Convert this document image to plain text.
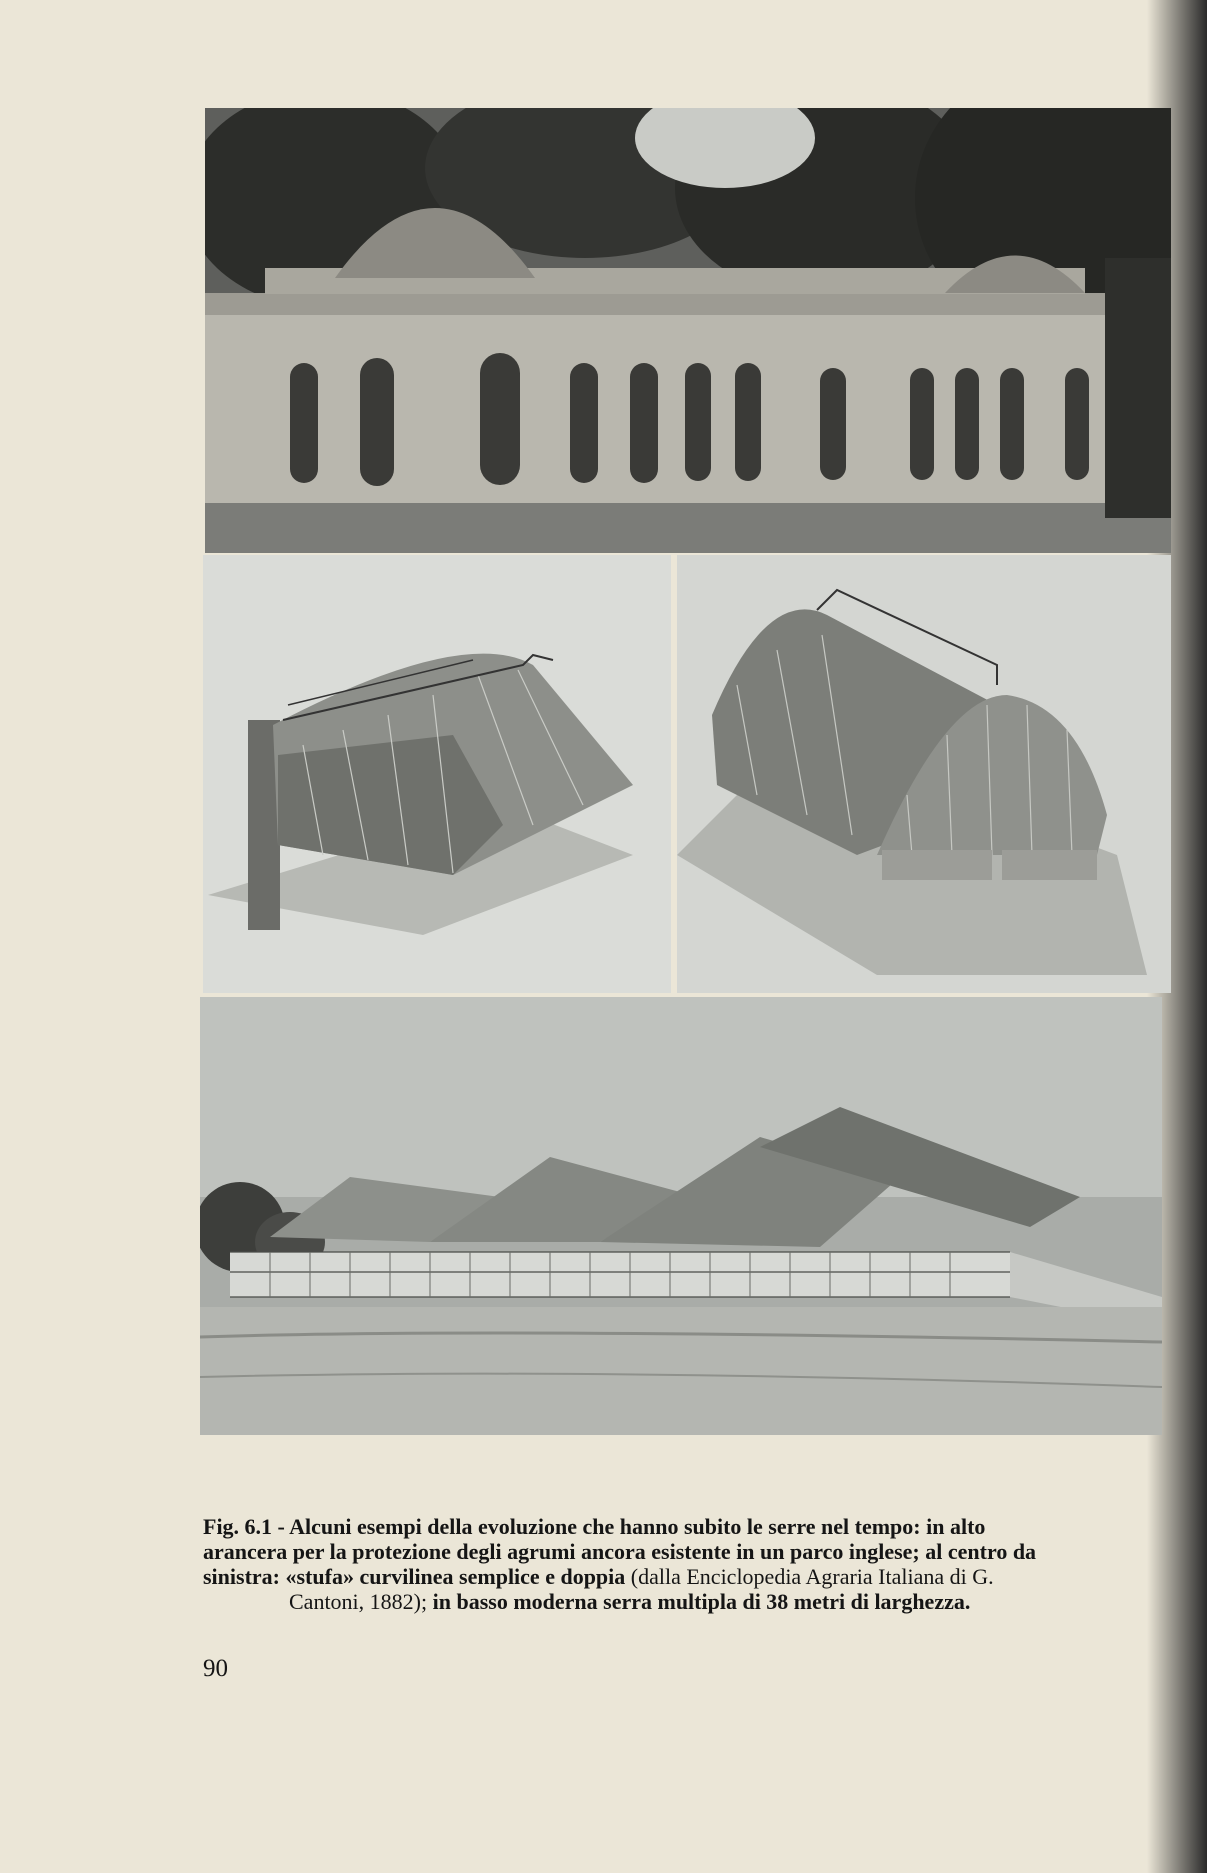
Fig. 6.1 - Alcuni esempi della evoluzione che hanno subito le serre nel tempo: in alto
arancera per la protezione degli agrumi ancora esistente in un parco inglese; al centro da
sinistra: «stufa» curvilinea semplice e doppia (dalla Enciclopedia Agraria Italiana di G.
Cantoni, 1882); in basso moderna serra multipla di 38 metri di larghezza.
90
